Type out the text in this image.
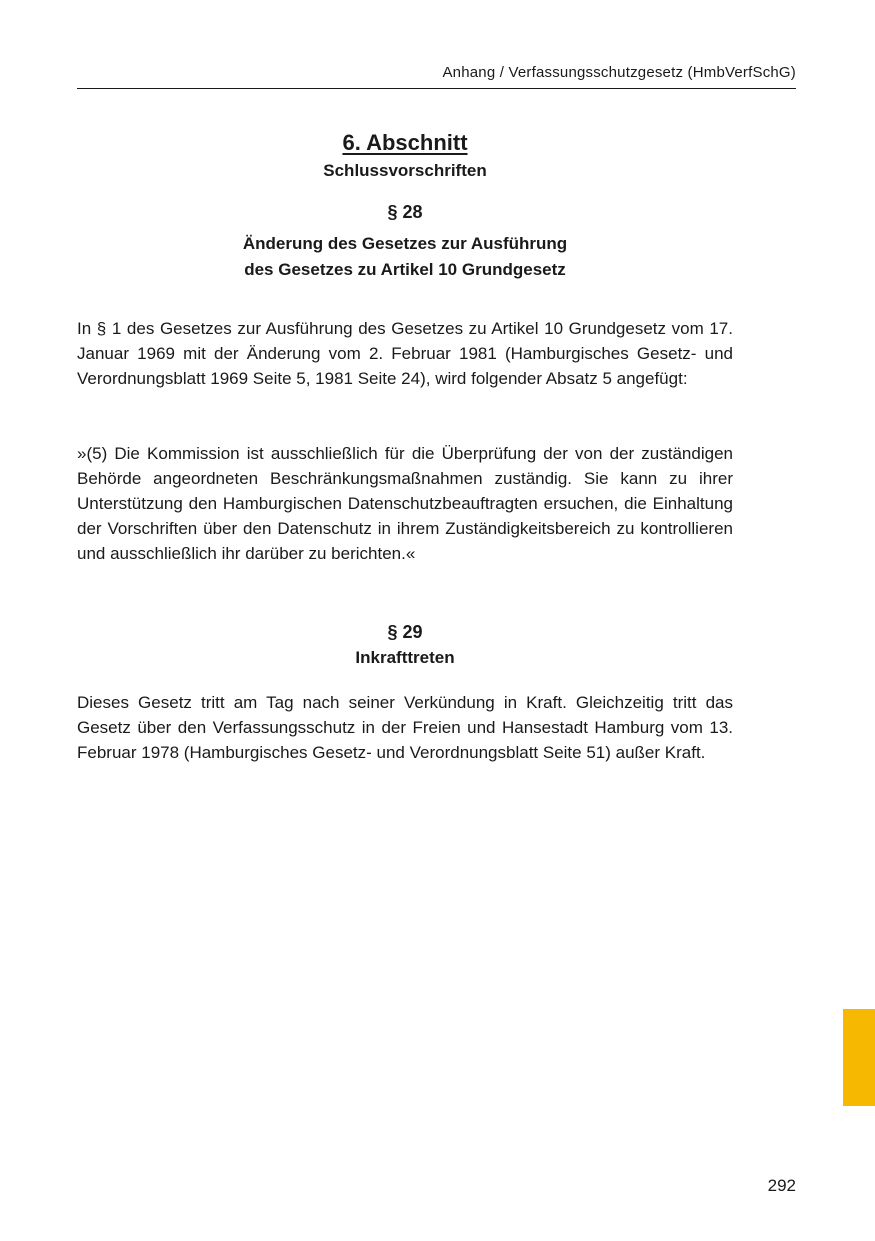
Anhang / Verfassungsschutzgesetz (HmbVerfSchG)
6. Abschnitt
Schlussvorschriften
§ 28
Änderung des Gesetzes zur Ausführung
des Gesetzes zu Artikel 10 Grundgesetz

In § 1 des Gesetzes zur Ausführung des Gesetzes zu Artikel 10 Grundgesetz vom 17. Januar 1969 mit der Änderung vom 2. Februar 1981 (Hamburgisches Gesetz- und Verordnungsblatt 1969 Seite 5, 1981 Seite 24), wird folgender Absatz 5 angefügt:

»(5) Die Kommission ist ausschließlich für die Überprüfung der von der zuständigen Behörde angeordneten Beschränkungsmaßnahmen zuständig. Sie kann zu ihrer Unterstützung den Hamburgischen Datenschutzbeauftragten ersuchen, die Einhaltung der Vorschriften über den Datenschutz in ihrem Zuständigkeitsbereich zu kontrollieren und ausschließlich ihr darüber zu berichten.«

§ 29
Inkrafttreten

Dieses Gesetz tritt am Tag nach seiner Verkündung in Kraft. Gleichzeitig tritt das Gesetz über den Verfassungsschutz in der Freien und Hansestadt Hamburg vom 13. Februar 1978 (Hamburgisches Gesetz- und Verordnungsblatt Seite 51) außer Kraft.

292
